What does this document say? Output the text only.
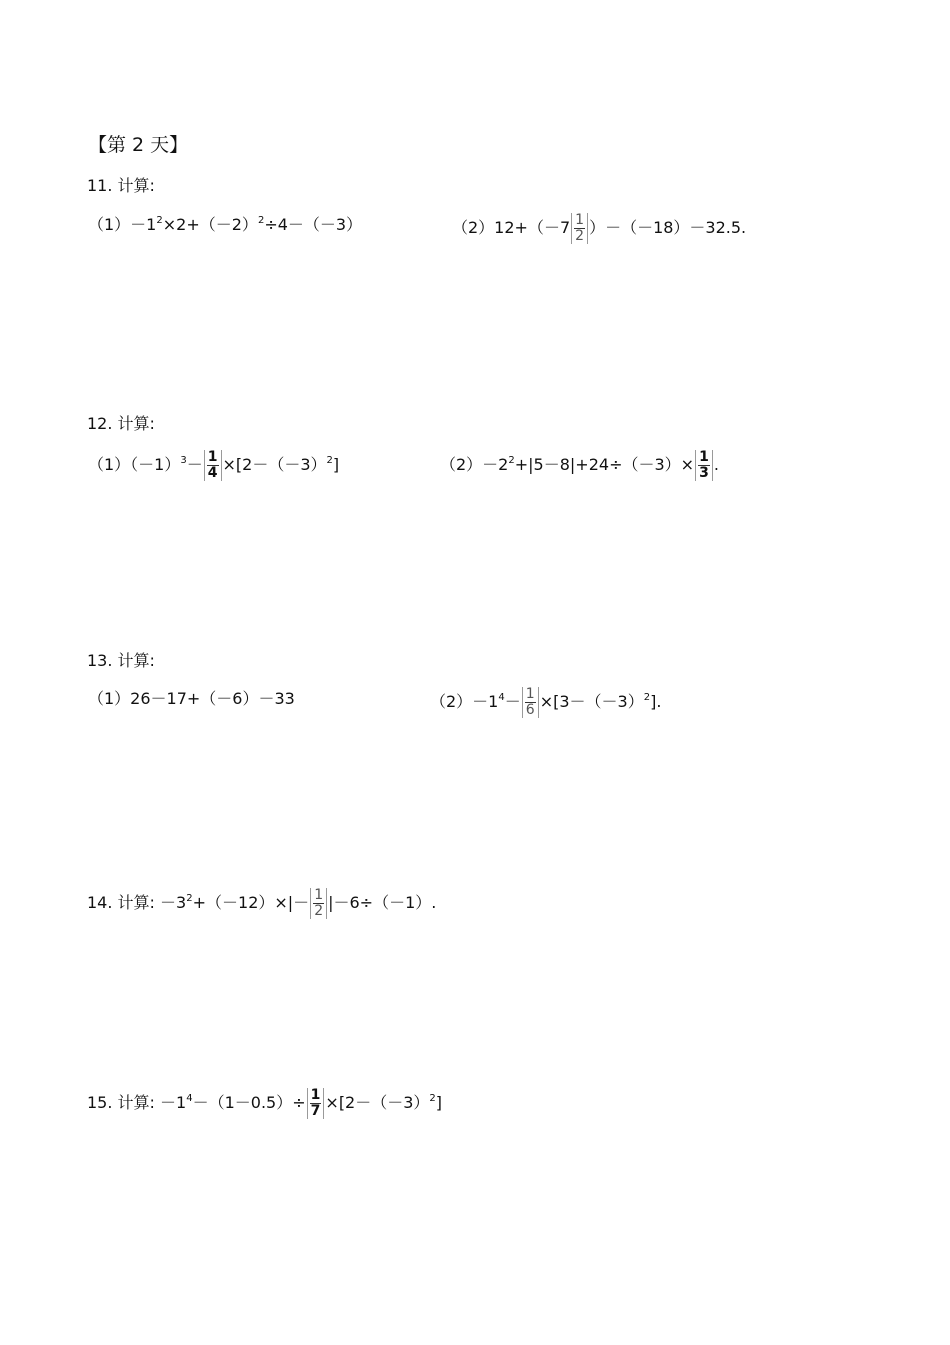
【第 2 天】
11. 计算:
$(1)-1^2\times 2+(-2)^2\div 4-(-3)$	$(2)12+(-7 \frac{1}{2} )-(-18)-32.5$.
12. 计算:
$(1)(-1)^3- \frac{1}{4} \times[2-(-3)^2]$	$(2)-2^2+|5-8|+24\div(-3)\times \frac{1}{3}$ .
13. 计算:
（1）26－17+（－6）－33	$(2)-1^4- \frac{1}{6} \times[3-(-3)^2]$.
14. 计算: $-3^2+(-12)\times|- \frac{1}{2} |-6\div(-1)$.
15. 计算: $-1^4-(1-0.5)\div \frac{1}{7} \times[2-(-3)^2]$
